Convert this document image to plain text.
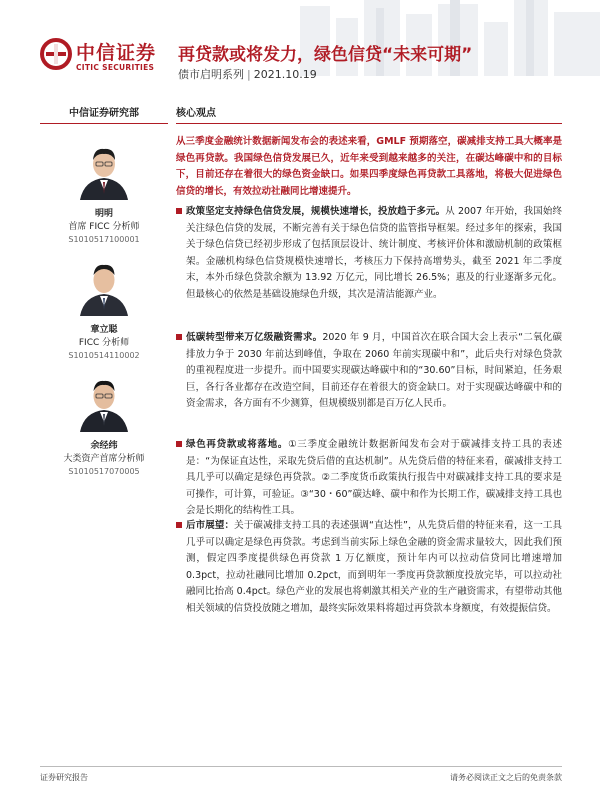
中信证券
CITIC SECURITIES
再贷款或将发力，绿色信贷“未来可期”
债市启明系列 | 2021.10.19
中信证券研究部
明明
首席 FICC 分析师
S1010517100001
章立聪
FICC 分析师
S1010514110002
余经纬
大类资产首席分析师
S1010517070005
核心观点
从三季度金融统计数据新闻发布会的表述来看，GMLF 预期落空，碳减排支持工具大概率是绿色再贷款。我国绿色信贷发展已久，近年来受到越来越多的关注，在碳达峰碳中和的目标下，目前还存在着很大的绿色资金缺口。如果四季度绿色再贷款工具落地，将极大促进绿色信贷的增长，有效拉动社融同比增速提升。
政策坚定支持绿色信贷发展，规模快速增长，投放趋于多元。从 2007 年开始，我国始终关注绿色信贷的发展，不断完善有关于绿色信贷的监管指导框架。经过多年的探索，我国关于绿色信贷已经初步形成了包括顶层设计、统计制度、考核评价体和激励机制的政策框架。金融机构绿色信贷规模快速增长，考核压力下保持高增势头，截至 2021 年二季度末，本外币绿色贷款余额为 13.92 万亿元，同比增长 26.5%；惠及的行业逐渐多元化。但最核心的依然是基础设施绿色升级，其次是清洁能源产业。
低碳转型带来万亿级融资需求。2020 年 9 月，中国首次在联合国大会上表示“二氧化碳排放力争于 2030 年前达到峰值，争取在 2060 年前实现碳中和”，此后央行对绿色贷款的重视程度进一步提升。而中国要实现碳达峰碳中和的“30.60”目标，时间紧迫，任务艰巨，各行各业都存在改造空间，目前还存在着很大的资金缺口。对于实现碳达峰碳中和的资金需求，各方面有不少测算，但规模级别都是百万亿人民币。
绿色再贷款或将落地。①三季度金融统计数据新闻发布会对于碳减排支持工具的表述是：“为保证直达性，采取先贷后借的直达机制”。从先贷后借的特征来看，碳减排支持工具几乎可以确定是绿色再贷款。②二季度货币政策执行报告中对碳减排支持工具的要求是可操作，可计算，可验证。③“30・60”碳达峰、碳中和作为长期工作，碳减排支持工具也会是长期化的结构性工具。
后市展望：关于碳减排支持工具的表述强调“直达性”，从先贷后借的特征来看，这一工具几乎可以确定是绿色再贷款。考虑到当前实际上绿色金融的资金需求量较大，因此我们预测，假定四季度提供绿色再贷款 1 万亿额度，预计年内可以拉动信贷同比增速增加 0.3pct，拉动社融同比增加 0.2pct，而到明年一季度再贷款额度投放完毕，可以拉动社融同比抬高 0.4pct。绿色产业的发展也将刺激其相关产业的生产融资需求，有望带动其他相关领域的信贷投放随之增加，最终实际效果料将超过再贷款本身额度，有效提振信贷。
证券研究报告	请务必阅读正文之后的免责条款
